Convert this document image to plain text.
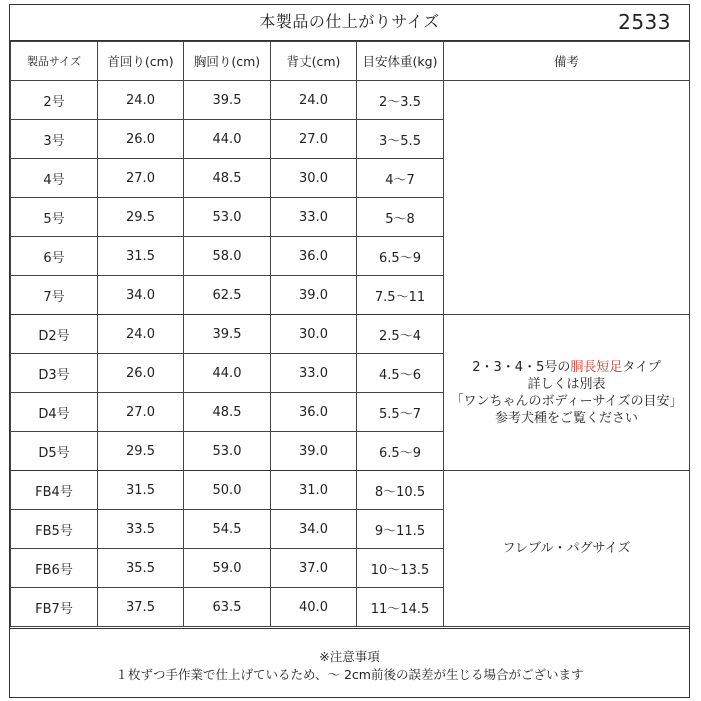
本製品の仕上がりサイズ	2533
製品サイズ	首回り(cm)	胸回り(cm)	背丈(cm)	目安体重(kg)	備考
2号	24.0	39.5	24.0	2～3.5	
3号	26.0	44.0	27.0	3～5.5	
4号	27.0	48.5	30.0	4～7	
5号	29.5	53.0	33.0	5～8	
6号	31.5	58.0	36.0	6.5～9	
7号	34.0	62.5	39.0	7.5～11	
D2号	24.0	39.5	30.0	2.5～4	2・3・4・5号の胴長短足タイプ
詳しくは別表
「ワンちゃんのボディーサイズの目安」
参考犬種をご覧ください

D3号	26.0	44.0	33.0	4.5～6	
D4号	27.0	48.5	36.0	5.5～7	
D5号	29.5	53.0	39.0	6.5～9	
FB4号	31.5	50.0	31.0	8～10.5	フレブル・パグサイズ
FB5号	33.5	54.5	34.0	9～11.5	
FB6号	35.5	59.0	37.0	10～13.5	
FB7号	37.5	63.5	40.0	11～14.5	
※注意事項
１枚ずつ手作業で仕上げているため、～ 2cm前後の誤差が生じる場合がございます
